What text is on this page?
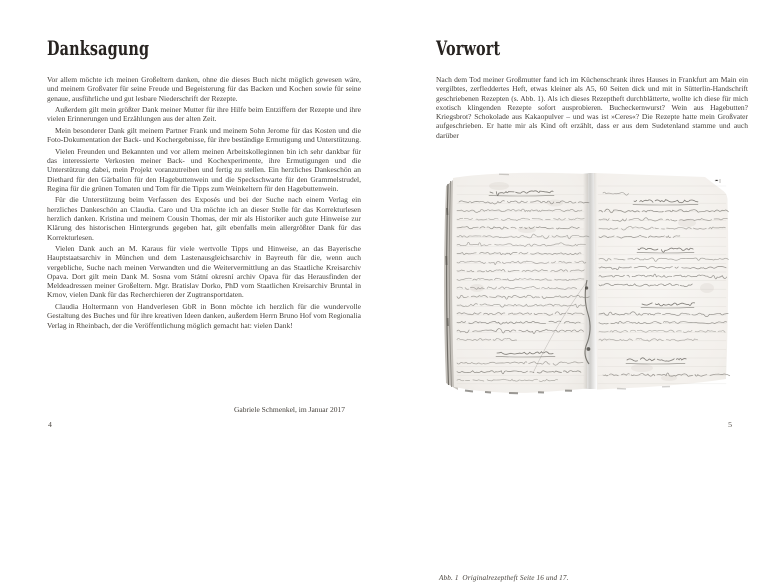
Danksagung

Vor allem möchte ich meinen Großeltern danken, ohne die dieses Buch nicht möglich gewesen wäre, und meinem Großvater für seine Freude und Begeisterung für das Backen und Kochen sowie für seine genaue, ausführliche und gut lesbare Niederschrift der Rezepte.

Außerdem gilt mein größter Dank meiner Mutter für ihre Hilfe beim Entziffern der Rezepte und ihre vielen Erinnerungen und Erzählungen aus der alten Zeit.

Mein besonderer Dank gilt meinem Partner Frank und meinem Sohn Jerome für das Kosten und die Foto-Dokumentation der Back- und Kochergebnisse, für ihre beständige Ermutigung und Unterstützung.

Vielen Freunden und Bekannten und vor allem meinen Arbeitskolleginnen bin ich sehr dankbar für das interessierte Verkosten meiner Back- und Kochexperimente, ihre Ermutigungen und die Unterstützung dabei, mein Projekt voranzutreiben und fertig zu stellen. Ein herzliches Dankeschön an Diethard für den Gärballon für den Hagebuttenwein und die Speckschwarte für den Grammelstrudel, Regina für die grünen Tomaten und Tom für die Tipps zum Weinkeltern für den Hagebuttenwein.

Für die Unterstützung beim Verfassen des Exposés und bei der Suche nach einem Verlag ein herzliches Dankeschön an Claudia. Caro und Uta möchte ich an dieser Stelle für das Korrekturlesen herzlich danken. Kristina und meinem Cousin Thomas, der mir als Historiker auch gute Hinweise zur Klärung des historischen Hintergrunds gegeben hat, gilt ebenfalls mein allergrößter Dank für das Korrekturlesen.

Vielen Dank auch an M. Karaus für viele wertvolle Tipps und Hinweise, an das Bayerische Hauptstaatsarchiv in München und dem Lastenausgleichsarchiv in Bayreuth für die, wenn auch vergebliche, Suche nach meinen Verwandten und die Weitervermittlung an das Staatliche Kreisarchiv Opava. Dort gilt mein Dank M. Sosna vom Státní okresní archiv Opava für das Herausfinden der Meldeadressen meiner Großeltern. Mgr. Bratislav Dorko, PhD vom Staatlichen Kreisarchiv Bruntal in Krnov, vielen Dank für das Recherchieren der Zugtransportdaten.

Claudia Holtermann von Handverlesen GbR in Bonn möchte ich herzlich für die wundervolle Gestaltung des Buches und für ihre kreativen Ideen danken, außerdem Herrn Bruno Hof vom Regionalia Verlag in Rheinbach, der die Veröffentlichung möglich gemacht hat: vielen Dank!

Gabriele Schmenkel, im Januar 2017
4
Vorwort

Nach dem Tod meiner Großmutter fand ich im Küchenschrank ihres Hauses in Frankfurt am Main ein vergilbtes, zerfleddertes Heft, etwas kleiner als A5, 60 Seiten dick und mit in Sütterlin-Handschrift geschriebenen Rezepten (s. Abb. 1). Als ich dieses Rezeptheft durchblätterte, wollte ich diese für mich exotisch klingenden Rezepte sofort ausprobieren. Bucheckernwurst? Wein aus Hagebutten? Kriegsbrot? Schokolade aus Kakaopulver – und was ist »Ceres«? Die Rezepte hatte mein Großvater aufgeschrieben. Er hatte mir als Kind oft erzählt, dass er aus dem Sudetenland stamme und auch darüber

Abb. 1 Originalrezeptheft Seite 16 und 17.
5
